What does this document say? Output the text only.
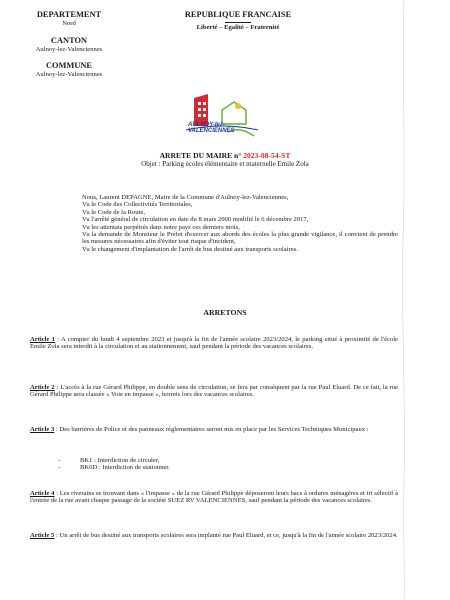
DEPARTEMENT
Nord
CANTON
Aulnoy-lez-Valenciennes
COMMUNE
Aulnoy-lez-Valenciennes
REPUBLIQUE FRANCAISE
Liberté – Egalité – Fraternité
AULNOY-lez-VALENCIENNES
ARRETE DU MAIRE n° 2023-08-54-ST
Objet : Parking écoles élémentaire et maternelle Emile Zola
Nous, Laurent DEPAGNE, Maire de la Commune d'Aulnoy-lez-Valenciennes,
Vu le Code des Collectivités Territoriales,
Vu le Code de la Route,
Vu l'arrêté général de circulation en date du 8 mars 2000 modifié le 6 décembre 2017,
Vu les attentats perpétrés dans notre pays ces derniers mois,
Vu la demande de Monsieur le Préfet d'exercer aux abords des écoles la plus grande vigilance, il convient de prendre les mesures nécessaires afin d'éviter tout risque d'incident,
Vu le changement d'implantation de l'arrêt de bus destiné aux transports scolaires.
ARRETONS
Article 1 : A compter du lundi 4 septembre 2023 et jusqu'à la fin de l'année scolaire 2023/2024, le parking situé à proximité de l'école Emile Zola sera interdit à la circulation et au stationnement, sauf pendant la période des vacances scolaires.
Article 2 : L'accès à la rue Gérard Philippe, en double sens de circulation, se fera par conséquent par la rue Paul Eluard. De ce fait, la rue Gérard Philippe sera classée « Voie en impasse », hormis lors des vacances scolaires.
Article 3 : Des barrières de Police et des panneaux réglementaires seront mis en place par les Services Techniques Municipaux :
-	BK1 : Interdiction de circuler,
-	BK6D : Interdiction de stationner.
Article 4 : Les riverains se trouvant dans « l'impasse » de la rue Gérard Philippe déposeront leurs bacs à ordures ménagères et tri sélectif à l'entrée de la rue avant chaque passage de la société SUEZ RV VALENCIENNES, sauf pendant la période des vacances scolaires.
Article 5 : Un arrêt de bus destiné aux transports scolaires sera implanté rue Paul Eluard, et ce, jusqu'à la fin de l'année scolaire 2023/2024.
